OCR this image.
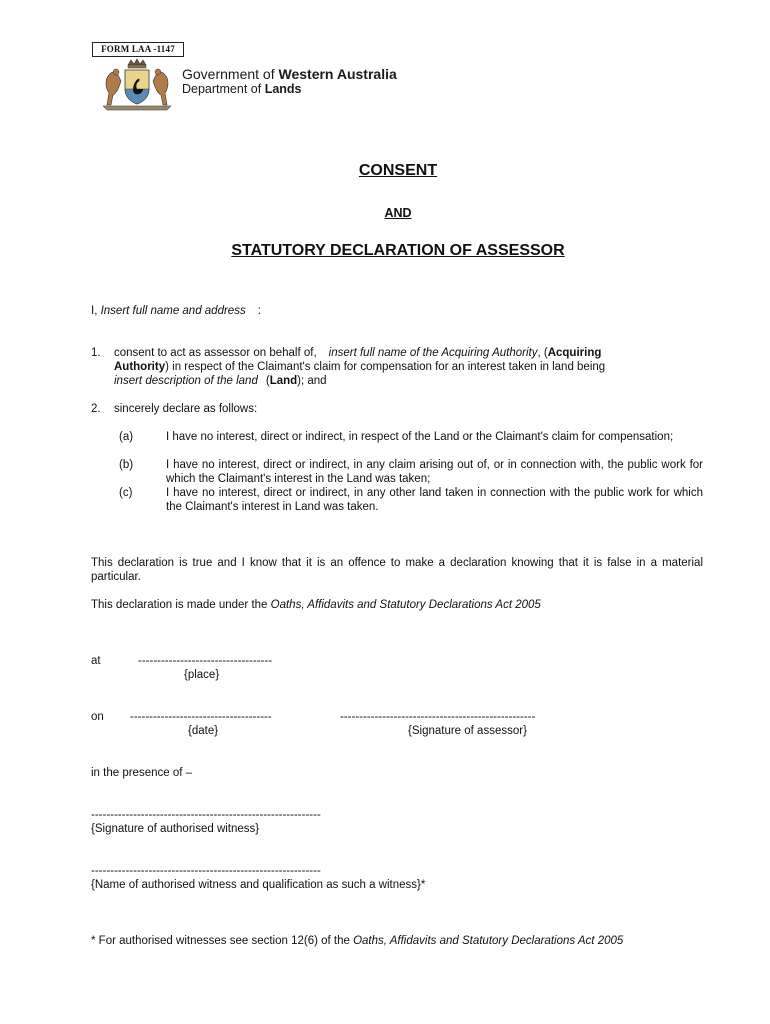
FORM LAA -1147
Government of Western Australia
Department of Lands
CONSENT
AND
STATUTORY DECLARATION OF ASSESSOR
I, Insert full name and address :
1.	consent to act as assessor on behalf of, insert full name of the Acquiring Authority, (Acquiring
Authority) in respect of the Claimant's claim for compensation for an interest taken in land being
insert description of the land (Land); and
2.	sincerely declare as follows:
(a)	I have no interest, direct or indirect, in respect of the Land or the Claimant's claim for compensation;
(b)	I have no interest, direct or indirect, in any claim arising out of, or in connection with, the public work for which the Claimant's interest in the Land was taken;
(c)	I have no interest, direct or indirect, in any other land taken in connection with the public work for which the Claimant's interest in Land was taken.
This declaration is true and I know that it is an offence to make a declaration knowing that it is false in a material particular.
This declaration is made under the Oaths, Affidavits and Statutory Declarations Act 2005
at	-----------------------------------
{place}
on -------------------------------------	---------------------------------------------------
{date}	{Signature of assessor}
in the presence of –
------------------------------------------------------------
{Signature of authorised witness}
------------------------------------------------------------
{Name of authorised witness and qualification as such a witness}*
* For authorised witnesses see section 12(6) of the Oaths, Affidavits and Statutory Declarations Act 2005
